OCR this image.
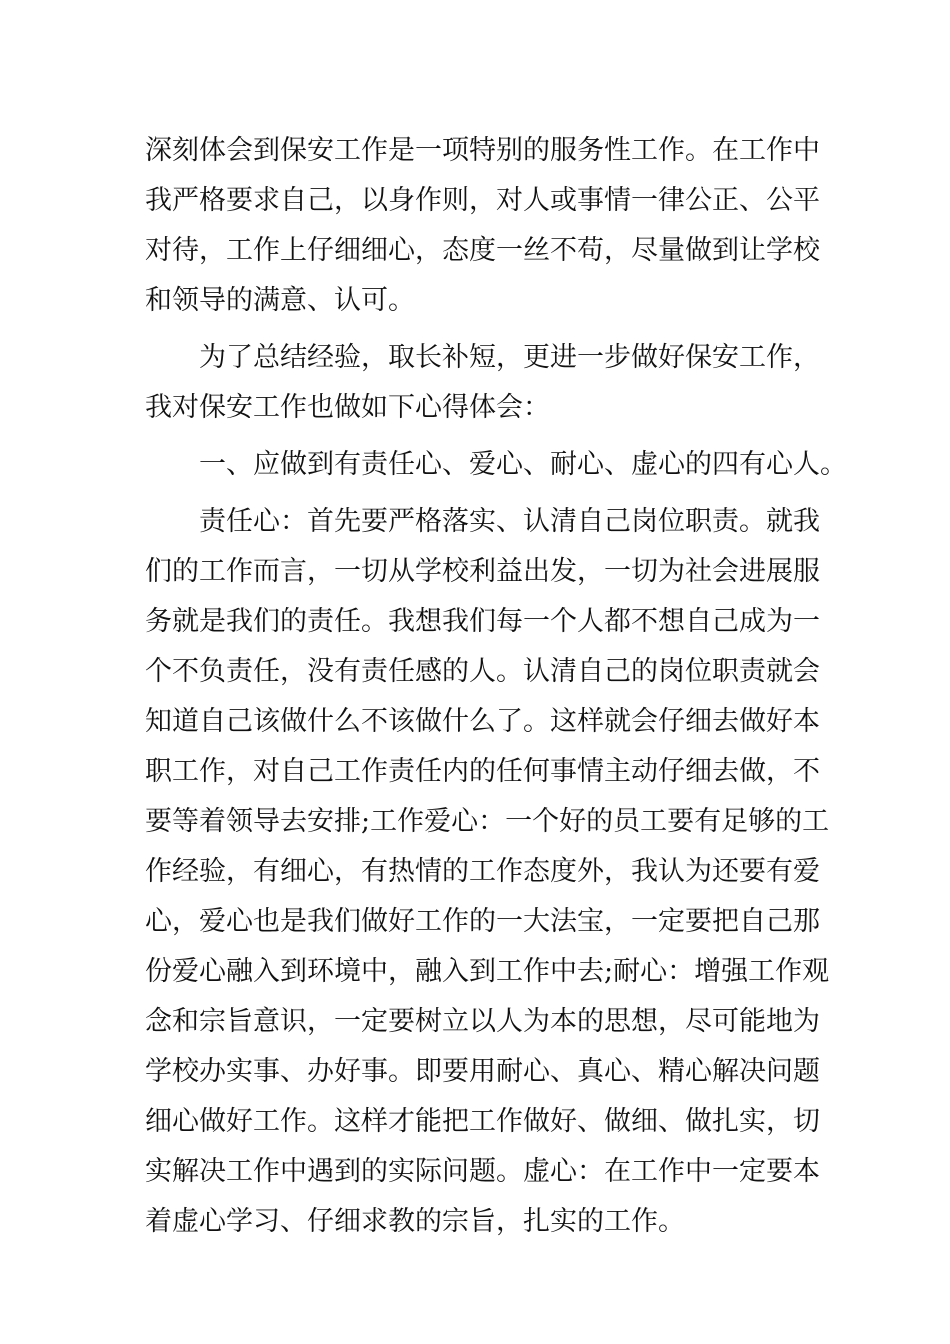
深刻体会到保安工作是一项特别的服务性工作。在工作中
我严格要求自己，以身作则，对人或事情一律公正、公平
对待，工作上仔细细心，态度一丝不苟，尽量做到让学校
和领导的满意、认可。
为了总结经验，取长补短，更进一步做好保安工作，
我对保安工作也做如下心得体会：
一、应做到有责任心、爱心、耐心、虚心的四有心人。
责任心：首先要严格落实、认清自己岗位职责。就我
们的工作而言，一切从学校利益出发，一切为社会进展服
务就是我们的责任。我想我们每一个人都不想自己成为一
个不负责任，没有责任感的人。认清自己的岗位职责就会
知道自己该做什么不该做什么了。这样就会仔细去做好本
职工作，对自己工作责任内的任何事情主动仔细去做，不
要等着领导去安排;工作爱心：一个好的员工要有足够的工
作经验，有细心，有热情的工作态度外，我认为还要有爱
心，爱心也是我们做好工作的一大法宝，一定要把自己那
份爱心融入到环境中，融入到工作中去;耐心：增强工作观
念和宗旨意识，一定要树立以人为本的思想，尽可能地为
学校办实事、办好事。即要用耐心、真心、精心解决问题
细心做好工作。这样才能把工作做好、做细、做扎实，切
实解决工作中遇到的实际问题。虚心：在工作中一定要本
着虚心学习、仔细求教的宗旨，扎实的工作。
